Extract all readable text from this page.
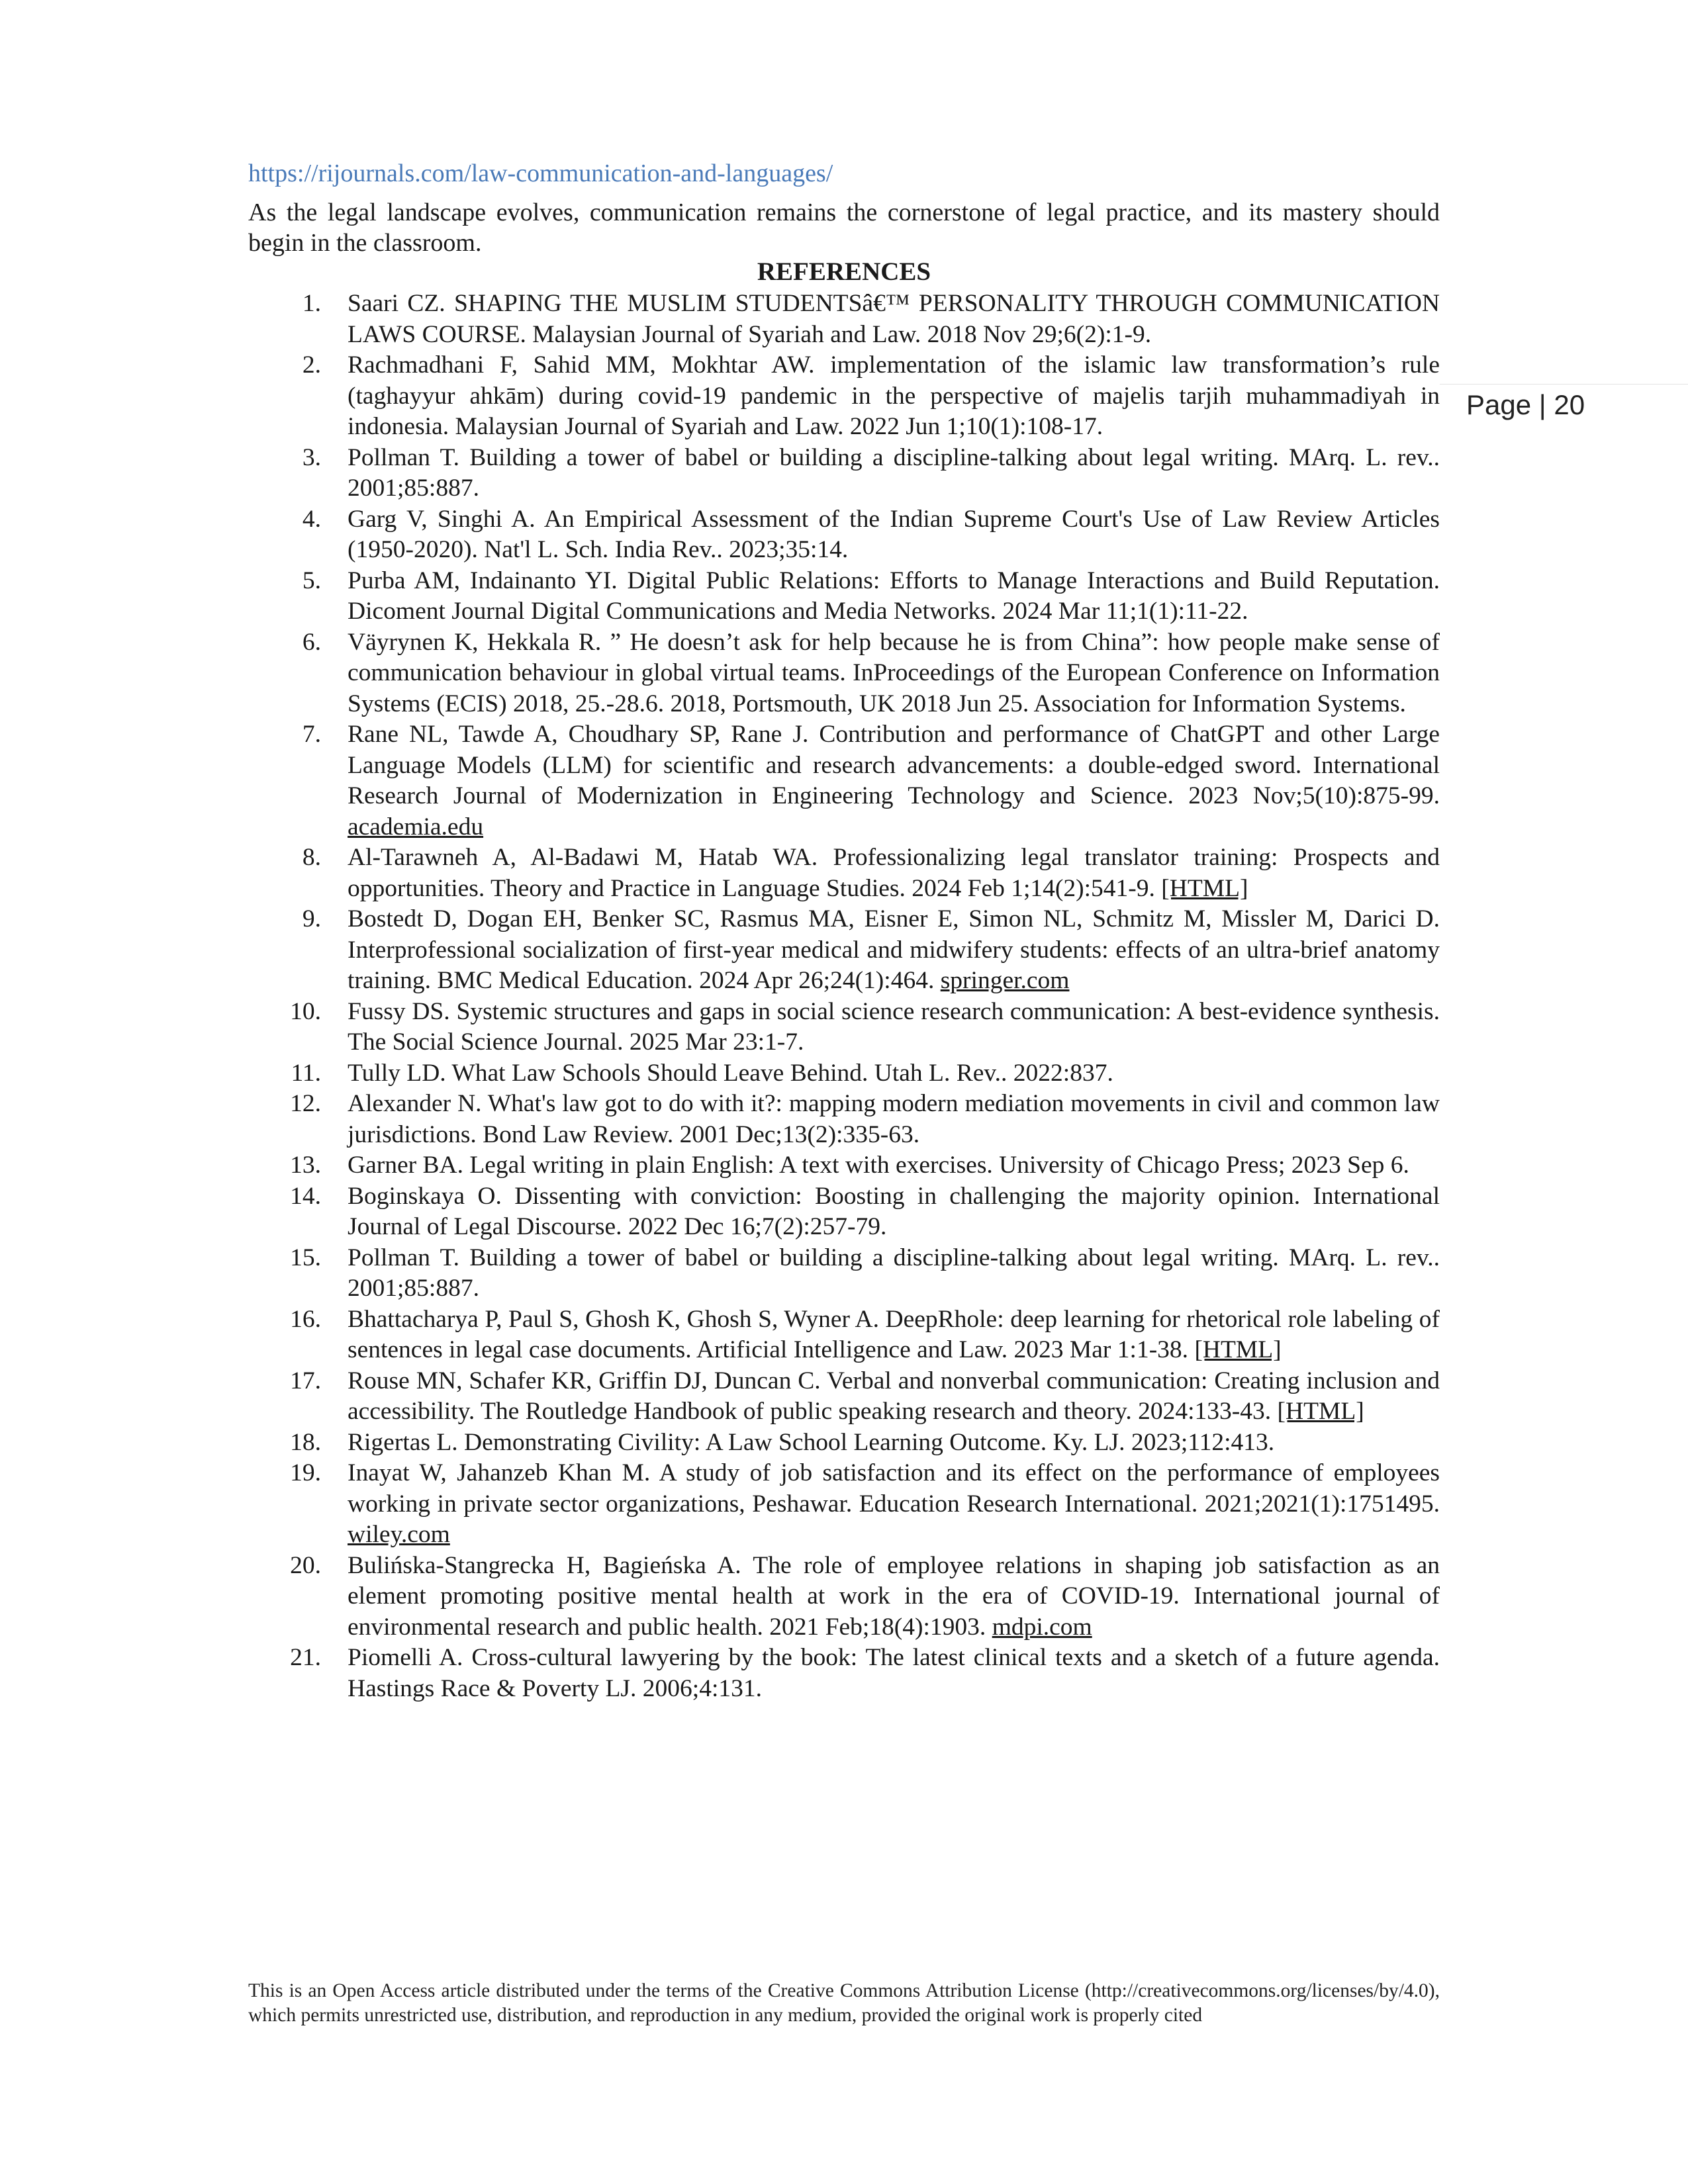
https://rijournals.com/law-communication-and-languages/
As the legal landscape evolves, communication remains the cornerstone of legal practice, and its mastery should begin in the classroom.
REFERENCES
1. Saari CZ. SHAPING THE MUSLIM STUDENTSâ€™ PERSONALITY THROUGH COMMUNICATION LAWS COURSE. Malaysian Journal of Syariah and Law. 2018 Nov 29;6(2):1-9.
2. Rachmadhani F, Sahid MM, Mokhtar AW. implementation of the islamic law transformation’s rule (taghayyur ahkām) during covid-19 pandemic in the perspective of majelis tarjih muhammadiyah in indonesia. Malaysian Journal of Syariah and Law. 2022 Jun 1;10(1):108-17.
3. Pollman T. Building a tower of babel or building a discipline-talking about legal writing. MArq. L. rev.. 2001;85:887.
4. Garg V, Singhi A. An Empirical Assessment of the Indian Supreme Court's Use of Law Review Articles (1950-2020). Nat'l L. Sch. India Rev.. 2023;35:14.
5. Purba AM, Indainanto YI. Digital Public Relations: Efforts to Manage Interactions and Build Reputation. Dicoment Journal Digital Communications and Media Networks. 2024 Mar 11;1(1):11-22.
6. Väyrynen K, Hekkala R. ” He doesn’t ask for help because he is from China”: how people make sense of communication behaviour in global virtual teams. InProceedings of the European Conference on Information Systems (ECIS) 2018, 25.-28.6. 2018, Portsmouth, UK 2018 Jun 25. Association for Information Systems.
7. Rane NL, Tawde A, Choudhary SP, Rane J. Contribution and performance of ChatGPT and other Large Language Models (LLM) for scientific and research advancements: a double-edged sword. International Research Journal of Modernization in Engineering Technology and Science. 2023 Nov;5(10):875-99. academia.edu
8. Al-Tarawneh A, Al-Badawi M, Hatab WA. Professionalizing legal translator training: Prospects and opportunities. Theory and Practice in Language Studies. 2024 Feb 1;14(2):541-9. [HTML]
9. Bostedt D, Dogan EH, Benker SC, Rasmus MA, Eisner E, Simon NL, Schmitz M, Missler M, Darici D. Interprofessional socialization of first-year medical and midwifery students: effects of an ultra-brief anatomy training. BMC Medical Education. 2024 Apr 26;24(1):464. springer.com
10. Fussy DS. Systemic structures and gaps in social science research communication: A best-evidence synthesis. The Social Science Journal. 2025 Mar 23:1-7.
11. Tully LD. What Law Schools Should Leave Behind. Utah L. Rev.. 2022:837.
12. Alexander N. What's law got to do with it?: mapping modern mediation movements in civil and common law jurisdictions. Bond Law Review. 2001 Dec;13(2):335-63.
13. Garner BA. Legal writing in plain English: A text with exercises. University of Chicago Press; 2023 Sep 6.
14. Boginskaya O. Dissenting with conviction: Boosting in challenging the majority opinion. International Journal of Legal Discourse. 2022 Dec 16;7(2):257-79.
15. Pollman T. Building a tower of babel or building a discipline-talking about legal writing. MArq. L. rev.. 2001;85:887.
16. Bhattacharya P, Paul S, Ghosh K, Ghosh S, Wyner A. DeepRhole: deep learning for rhetorical role labeling of sentences in legal case documents. Artificial Intelligence and Law. 2023 Mar 1:1-38. [HTML]
17. Rouse MN, Schafer KR, Griffin DJ, Duncan C. Verbal and nonverbal communication: Creating inclusion and accessibility. The Routledge Handbook of public speaking research and theory. 2024:133-43. [HTML]
18. Rigertas L. Demonstrating Civility: A Law School Learning Outcome. Ky. LJ. 2023;112:413.
19. Inayat W, Jahanzeb Khan M. A study of job satisfaction and its effect on the performance of employees working in private sector organizations, Peshawar. Education Research International. 2021;2021(1):1751495. wiley.com
20. Bulińska-Stangrecka H, Bagieńska A. The role of employee relations in shaping job satisfaction as an element promoting positive mental health at work in the era of COVID-19. International journal of environmental research and public health. 2021 Feb;18(4):1903. mdpi.com
21. Piomelli A. Cross-cultural lawyering by the book: The latest clinical texts and a sketch of a future agenda. Hastings Race & Poverty LJ. 2006;4:131.
Page | 20
This is an Open Access article distributed under the terms of the Creative Commons Attribution License (http://creativecommons.org/licenses/by/4.0), which permits unrestricted use, distribution, and reproduction in any medium, provided the original work is properly cited
